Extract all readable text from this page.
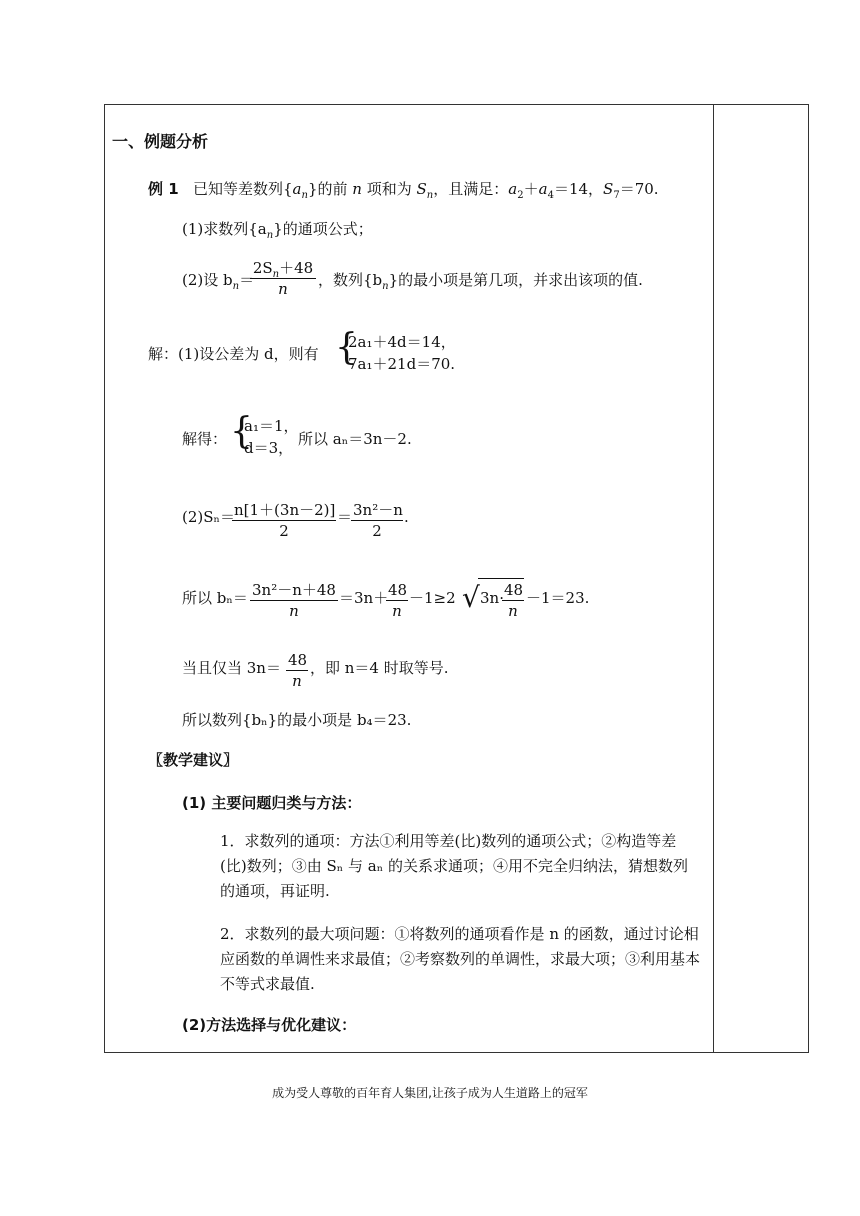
一、例题分析
例 1 已知等差数列$\{a_n\}$的前 n 项和为 $S_n$，且满足：$a_2+a_4=14$，$S_7=70$.
(1)求数列$\{a_n\}$的通项公式；
(2)设 $b_n=$
$\frac{2S_n+48}{n}$ ，数列$\{b_n\}$的最小项是第几项，并求出该项的值.
解：(1)设公差为 d，则有 {
2a₁＋4d＝14，
7a₁＋21d＝70.
解得： {
a₁＝1，
d＝3， 所以 aₙ＝3n－2.
(2)Sₙ＝
$\frac{n[1+(3n-2)]}{2}$ ＝
$\frac{\text{3n²－n}}{2}$ .
所以 $b_n= \frac{\text{3n²－n＋48}}{n} =3n+$
$\frac{48}{n} -1\ge 2$ √ 3n·
$\frac{48}{n} -1=23$.
当且仅当 $3n= \frac{48}{n}$ ，即 n＝4 时取等号.
所以数列{bₙ}的最小项是 b₄＝23.
〖教学建议〗
(1) 主要问题归类与方法：
1．求数列的通项：方法①利用等差(比)数列的通项公式；②构造等差(比)数列；③由 Sₙ 与 aₙ 的关系求通项；④用不完全归纳法，猜想数列的通项，再证明.
2．求数列的最大项问题：①将数列的通项看作是 n 的函数，通过讨论相应函数的单调性来求最值；②考察数列的单调性，求最大项；③利用基本不等式求最值.
(2)方法选择与优化建议：
成为受人尊敬的百年育人集团,让孩子成为人生道路上的冠军
